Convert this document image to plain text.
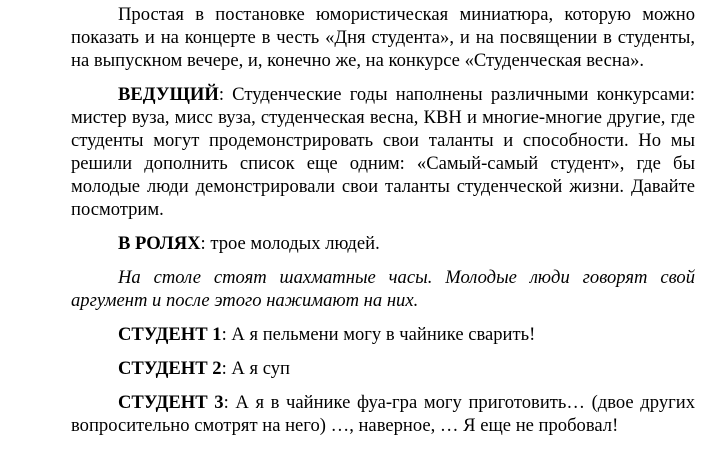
Простая в постановке юмористическая миниатюра, которую можно показать и на концерте в честь «Дня студента», и на посвящении в студенты, на выпускном вечере, и, конечно же, на конкурсе «Студенческая весна».

ВЕДУЩИЙ: Студенческие годы наполнены различными конкурсами: мистер вуза, мисс вуза, студенческая весна, КВН и многие-многие другие, где студенты могут продемонстрировать свои таланты и способности. Но мы решили дополнить список еще одним: «Самый-самый студент», где бы молодые люди демонстрировали свои таланты студенческой жизни. Давайте посмотрим.

В РОЛЯХ: трое молодых людей.

На столе стоят шахматные часы. Молодые люди говорят свой аргумент и после этого нажимают на них.

СТУДЕНТ 1: А я пельмени могу в чайнике сварить!

СТУДЕНТ 2: А я суп

СТУДЕНТ 3: А я в чайнике фуа-гра могу приготовить… (двое других вопросительно смотрят на него) …, наверное, … Я еще не пробовал!
